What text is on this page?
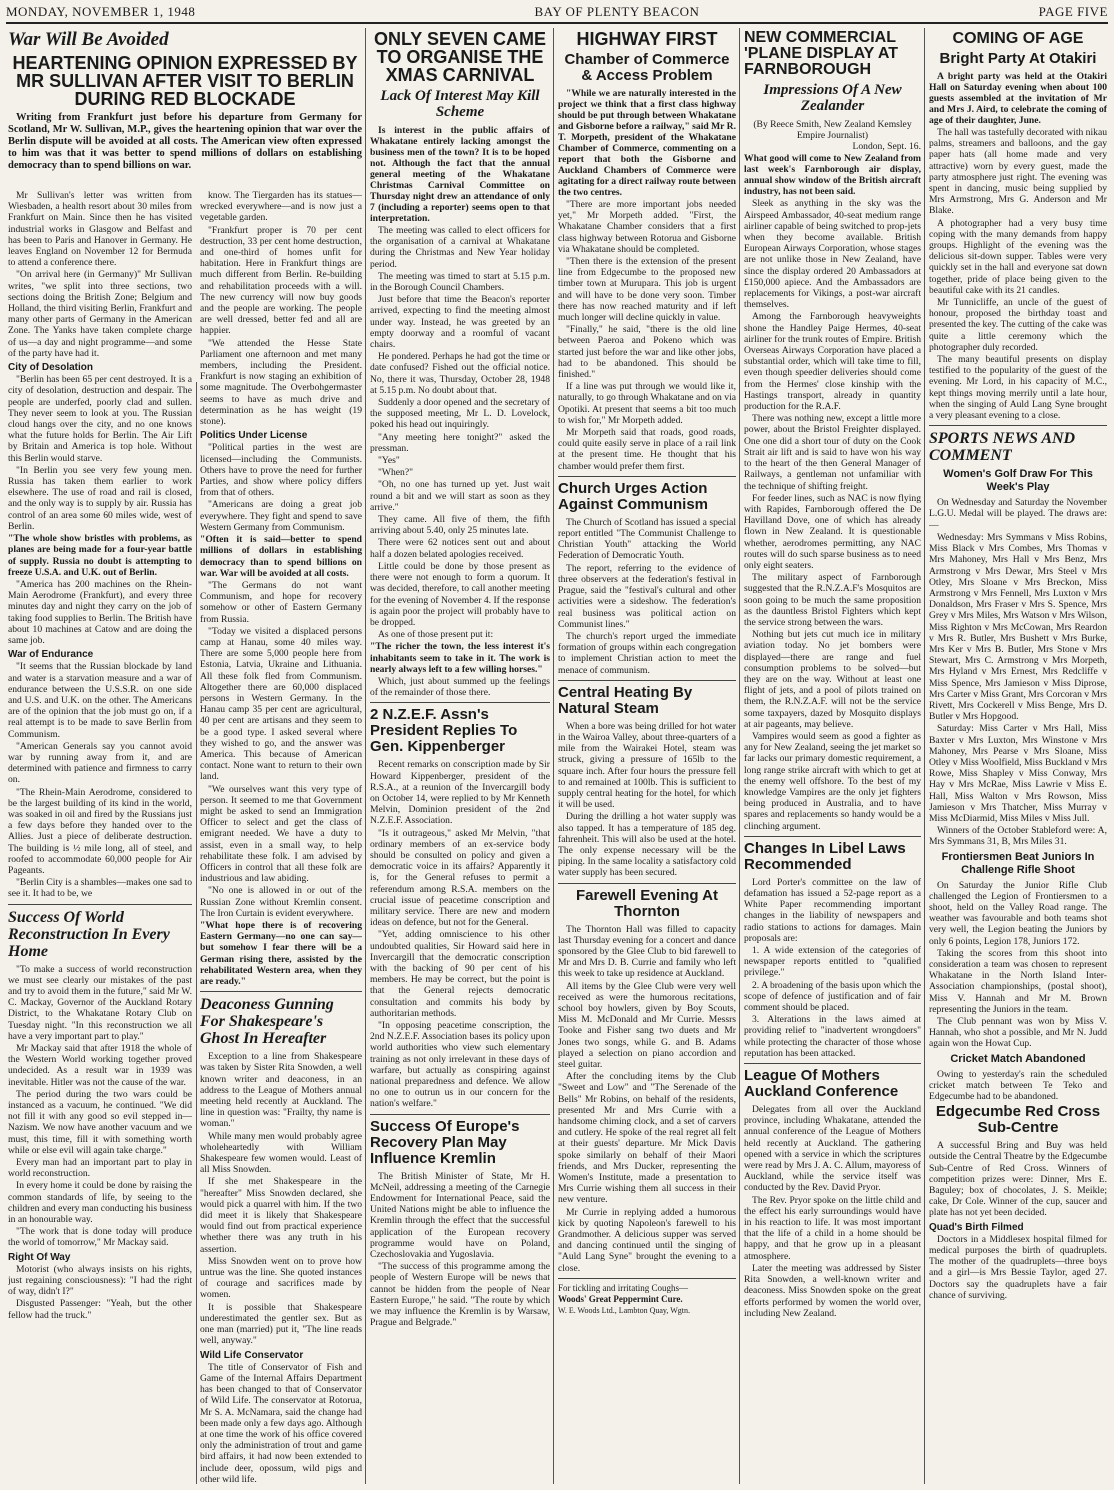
MONDAY, NOVEMBER 1, 1948	BAY OF PLENTY BEACON	PAGE FIVE
War Will Be Avoided
HEARTENING OPINION EXPRESSED BY MR SULLIVAN AFTER VISIT TO BERLIN DURING RED BLOCKADE

Writing from Frankfurt just before his departure from Germany for Scotland, Mr W. Sullivan, M.P., gives the heartening opinion that war over the Berlin dispute will be avoided at all costs. The American view often expressed to him was that it was better to spend millions of dollars on establishing democracy than to spend billions on war.

Mr Sullivan's letter was written from Wiesbaden, a health resort about 30 miles from Frankfurt on Main. Since then he has visited industrial works in Glasgow and Belfast and has been to Paris and Hanover in Germany. He leaves England on November 12 for Bermuda to attend a conference there.

"On arrival here (in Germany)" Mr Sullivan writes, "we split into three sections, two sections doing the British Zone; Belgium and Holland, the third visiting Berlin, Frankfurt and many other parts of Germany in the American Zone. The Yanks have taken complete charge of us—a day and night programme—and some of the party have had it.

City of Desolation

"Berlin has been 65 per cent destroyed. It is a city of desolation, destruction and despair. The people are underfed, poorly clad and sullen. They never seem to look at you. The Russian cloud hangs over the city, and no one knows what the future holds for Berlin. The Air Lift by Britain and America is top hole. Without this Berlin would starve.

"In Berlin you see very few young men. Russia has taken them earlier to work elsewhere. The use of road and rail is closed, and the only way is to supply by air. Russia has control of an area some 60 miles wide, west of Berlin.

"The whole show bristles with problems, as planes are being made for a four-year battle of supply. Russia no doubt is attempting to freeze U.S.A. and U.K. out of Berlin.

"America has 200 machines on the Rhein-Main Aerodrome (Frankfurt), and every three minutes day and night they carry on the job of taking food supplies to Berlin. The British have about 10 machines at Catow and are doing the same job.

War of Endurance

"It seems that the Russian blockade by land and water is a starvation measure and a war of endurance between the U.S.S.R. on one side and U.S. and U.K. on the other. The Americans are of the opinion that the job must go on, if a real attempt is to be made to save Berlin from Communism.

"American Generals say you cannot avoid war by running away from it, and are determined with patience and firmness to carry on.

"The Rhein-Main Aerodrome, considered to be the largest building of its kind in the world, was soaked in oil and fired by the Russians just a few days before they handed over to the Allies. Just a piece of deliberate destruction. The building is ½ mile long, all of steel, and roofed to accommodate 60,000 people for Air Pageants.

"Berlin City is a shambles—makes one sad to see it. It had to be, we

Success Of World Reconstruction In Every Home

"To make a success of world reconstruction we must see clearly our mistakes of the past and try to avoid them in the future," said Mr W. C. Mackay, Governor of the Auckland Rotary District, to the Whakatane Rotary Club on Tuesday night. "In this reconstruction we all have a very important part to play."

Mr Mackay said that after 1918 the whole of the Western World working together proved undecided. As a result war in 1939 was inevitable. Hitler was not the cause of the war.

The period during the two wars could be instanced as a vacuum, he continued. "We did not fill it with any good so evil stepped in—Nazism. We now have another vacuum and we must, this time, fill it with something worth while or else evil will again take charge."

Every man had an important part to play in world reconstruction.

In every home it could be done by raising the common standards of life, by seeing to the children and every man conducting his business in an honourable way.

"The work that is done today will produce the world of tomorrow," Mr Mackay said.

Right Of Way

Motorist (who always insists on his rights, just regaining consciousness): "I had the right of way, didn't I?"

Disgusted Passenger: "Yeah, but the other fellow had the truck."

know. The Tiergarden has its statues—wrecked everywhere—and is now just a vegetable garden.

"Frankfurt proper is 70 per cent destruction, 33 per cent home destruction, and one-third of homes unfit for habitation. Here in Frankfurt things are much different from Berlin. Re-building and rehabilitation proceeds with a will. The new currency will now buy goods and the people are working. The people are well dressed, better fed and all are happier.

"We attended the Hesse State Parliament one afternoon and met many members, including the President. Frankfurt is now staging an exhibition of some magnitude. The Overbohgermaster seems to have as much drive and determination as he has weight (19 stone).

Politics Under License

"Political parties in the west are licensed—including the Communists. Others have to prove the need for further Parties, and show where policy differs from that of others.

"Americans are doing a great job everywhere. They fight and spend to save Western Germany from Communism.

"Often it is said—better to spend millions of dollars in establishing democracy than to spend billions on war. War will be avoided at all costs.

"The Germans do not want Communism, and hope for recovery somehow or other of Eastern Germany from Russia.

"Today we visited a displaced persons camp at Hanau, some 40 miles way. There are some 5,000 people here from Estonia, Latvia, Ukraine and Lithuania. All these folk fled from Communism. Altogether there are 60,000 displaced persons in Western Germany. In the Hanau camp 35 per cent are agricultural, 40 per cent are artisans and they seem to be a good type. I asked several where they wished to go, and the answer was America. This because of American contact. None want to return to their own land.

"We ourselves want this very type of person. It seemed to me that Government might be asked to send an Immigration Officer to select and get the class of emigrant needed. We have a duty to assist, even in a small way, to help rehabilitate these folk. I am advised by Officers in control that all these folk are industrious and law abiding.

"No one is allowed in or out of the Russian Zone without Kremlin consent. The Iron Curtain is evident everywhere.

"What hope there is of recovering Eastern Germany—no one can say—but somehow I fear there will be a German rising there, assisted by the rehabilitated Western area, when they are ready."

Deaconess Gunning For Shakespeare's Ghost In Hereafter

Exception to a line from Shakespeare was taken by Sister Rita Snowden, a well known writer and deaconess, in an address to the League of Mothers annual meeting held recently at Auckland. The line in question was: "Frailty, thy name is woman."

While many men would probably agree wholeheartedly with William Shakespeare few women would. Least of all Miss Snowden.

If she met Shakespeare in the "hereafter" Miss Snowden declared, she would pick a quarrel with him. If the two did meet it is likely that Shakespeare would find out from practical experience whether there was any truth in his assertion.

Miss Snowden went on to prove how untrue was the line. She quoted instances of courage and sacrifices made by women.

It is possible that Shakespeare underestimated the gentler sex. But as one man (married) put it, "The line reads well, anyway."

Wild Life Conservator

The title of Conservator of Fish and Game of the Internal Affairs Department has been changed to that of Conservator of Wild Life. The conservator at Rotorua, Mr S. A. McNamara, said the change had been made only a few days ago. Although at one time the work of his office covered only the administration of trout and game bird affairs, it had now been extended to include deer, opossum, wild pigs and other wild life.

ONLY SEVEN CAME TO ORGANISE THE XMAS CARNIVAL
Lack Of Interest May Kill Scheme

Is interest in the public affairs of Whakatane entirely lacking amongst the business men of the town? It is to be hoped not. Although the fact that the annual general meeting of the Whakatane Christmas Carnival Committee on Thursday night drew an attendance of only 7 (including a reporter) seems open to that interpretation.

The meeting was called to elect officers for the organisation of a carnival at Whakatane during the Christmas and New Year holiday period.

The meeting was timed to start at 5.15 p.m. in the Borough Council Chambers.

Just before that time the Beacon's reporter arrived, expecting to find the meeting almost under way. Instead, he was greeted by an empty doorway and a roomful of vacant chairs.

He pondered. Perhaps he had got the time or date confused? Fished out the official notice. No, there it was, Thursday, October 28, 1948 at 5.15 p.m. No doubt about that.

Suddenly a door opened and the secretary of the supposed meeting, Mr L. D. Lovelock, poked his head out inquiringly.

"Any meeting here tonight?" asked the pressman.

"Yes"

"When?"

"Oh, no one has turned up yet. Just wait round a bit and we will start as soon as they arrive."

They came. All five of them, the fifth arriving about 5.40, only 25 minutes late.

There were 62 notices sent out and about half a dozen belated apologies received.

Little could be done by those present as there were not enough to form a quorum. It was decided, therefore, to call another meeting for the evening of November 4. If the response is again poor the project will probably have to be dropped.

As one of those present put it:

"The richer the town, the less interest it's inhabitants seem to take in it. The work is nearly always left to a few willing horses."

Which, just about summed up the feelings of the remainder of those there.

2 N.Z.E.F. Assn's President Replies To Gen. Kippenberger

Recent remarks on conscription made by Sir Howard Kippenberger, president of the R.S.A., at a reunion of the Invercargill body on October 14, were replied to by Mr Kenneth Melvin, Dominion president of the 2nd N.Z.E.F. Association.

"Is it outrageous," asked Mr Melvin, "that ordinary members of an ex-service body should be consulted on policy and given a democratic voice in its affairs? Apparently it is, for the General refuses to permit a referendum among R.S.A. members on the crucial issue of peacetime conscription and military service. There are new and modern ideas on defence, but not for the General.

"Yet, adding omniscience to his other undoubted qualities, Sir Howard said here in Invercargill that the democratic conscription with the backing of 90 per cent of his members. He may be correct, but the point is that the General rejects democratic consultation and commits his body by authoritarian methods.

"In opposing peacetime conscription, the 2nd N.Z.E.F. Association bases its policy upon world authorities who view such elementary training as not only irrelevant in these days of warfare, but actually as conspiring against national preparedness and defence. We allow no one to outrun us in our concern for the nation's welfare."

Success Of Europe's Recovery Plan May Influence Kremlin

The British Minister of State, Mr H. McNeil, addressing a meeting of the Carnegie Endowment for International Peace, said the United Nations might be able to influence the Kremlin through the effect that the successful application of the European recovery programme would have on Poland, Czechoslovakia and Yugoslavia.

"The success of this programme among the people of Western Europe will be news that cannot be hidden from the people of Near Eastern Europe," he said. "The route by which we may influence the Kremlin is by Warsaw, Prague and Belgrade."

HIGHWAY FIRST
Chamber of Commerce & Access Problem

"While we are naturally interested in the project we think that a first class highway should be put through between Whakatane and Gisborne before a railway," said Mr R. T. Morpeth, president of the Whakatane Chamber of Commerce, commenting on a report that both the Gisborne and Auckland Chambers of Commerce were agitating for a direct railway route between the two centres.

"There are more important jobs needed yet," Mr Morpeth added. "First, the Whakatane Chamber considers that a first class highway between Rotorua and Gisborne via Whakatane should be completed.

"Then there is the extension of the present line from Edgecumbe to the proposed new timber town at Murupara. This job is urgent and will have to be done very soon. Timber there has now reached maturity and if left much longer will decline quickly in value.

"Finally," he said, "there is the old line between Paeroa and Pokeno which was started just before the war and like other jobs, had to be abandoned. This should be finished."

If a line was put through we would like it, naturally, to go through Whakatane and on via Opotiki. At present that seems a bit too much to wish for," Mr Morpeth added.

Mr Morpeth said that roads, good roads, could quite easily serve in place of a rail link at the present time. He thought that his chamber would prefer them first.

Church Urges Action Against Communism

The Church of Scotland has issued a special report entitled "The Communist Challenge to Christian Youth" attacking the World Federation of Democratic Youth.

The report, referring to the evidence of three observers at the federation's festival in Prague, said the "festival's cultural and other activities were a sideshow. The federation's real business was political action on Communist lines."

The church's report urged the immediate formation of groups within each congregation to implement Christian action to meet the menace of communism.

Central Heating By Natural Steam

When a bore was being drilled for hot water in the Wairoa Valley, about three-quarters of a mile from the Wairakei Hotel, steam was struck, giving a pressure of 165lb to the square inch. After four hours the pressure fell to and remained at 100lb. This is sufficient to supply central heating for the hotel, for which it will be used.

During the drilling a hot water supply was also tapped. It has a temperature of 185 deg. fahrenheit. This will also be used at the hotel. The only expense necessary will be the piping. In the same locality a satisfactory cold water supply has been secured.

Farewell Evening At Thornton

The Thornton Hall was filled to capacity last Thursday evening for a concert and dance sponsored by the Glee Club to bid farewell to Mr and Mrs D. B. Currie and family who left this week to take up residence at Auckland.

All items by the Glee Club were very well received as were the humorous recitations, school boy howlers, given by Boy Scouts, Miss M. McDonald and Mr Currie. Messrs Tooke and Fisher sang two duets and Mr Jones two songs, while G. and B. Adams played a selection on piano accordion and steel guitar.

After the concluding items by the Club "Sweet and Low" and "The Serenade of the Bells" Mr Robins, on behalf of the residents, presented Mr and Mrs Currie with a handsome chiming clock, and a set of carvers and cutlery. He spoke of the real regret all felt at their guests' departure. Mr Mick Davis spoke similarly on behalf of their Maori friends, and Mrs Ducker, representing the Women's Institute, made a presentation to Mrs Currie wishing them all success in their new venture.

Mr Currie in replying added a humorous kick by quoting Napoleon's farewell to his Grandmother. A delicious supper was served and dancing continued until the singing of "Auld Lang Syne" brought the evening to a close.

For tickling and irritating Coughs—
Woods' Great Peppermint Cure.
W. E. Woods Ltd., Lambton Quay, Wgtn.
NEW COMMERCIAL 'PLANE DISPLAY AT FARNBOROUGH
Impressions Of A New Zealander
(By Reece Smith, New Zealand Kemsley Empire Journalist)
London, Sept. 16.

What good will come to New Zealand from last week's Farnborough air display, annual show window of the British aircraft industry, has not been said.

Sleek as anything in the sky was the Airspeed Ambassador, 40-seat medium range airliner capable of being switched to prop-jets when they become available. British European Airways Corporation, whose stages are not unlike those in New Zealand, have since the display ordered 20 Ambassadors at £150,000 apiece. And the Ambassadors are replacements for Vikings, a post-war aircraft themselves.

Among the Farnborough heavyweights shone the Handley Paige Hermes, 40-seat airliner for the trunk routes of Empire. British Overseas Airways Corporation have placed a substantial order, which will take time to fill, even though speedier deliveries should come from the Hermes' close kinship with the Hastings transport, already in quantity production for the R.A.F.

There was nothing new, except a little more power, about the Bristol Freighter displayed. One one did a short tour of duty on the Cook Strait air lift and is said to have won his way to the heart of the then General Manager of Railways, a gentleman not unfamiliar with the technique of shifting freight.

For feeder lines, such as NAC is now flying with Rapides, Farnborough offered the De Havilland Dove, one of which has already flown in New Zealand. It is questionable whether, aerodromes permitting, any NAC routes will do such sparse business as to need only eight seaters.

The military aspect of Farnborough suggested that the R.N.Z.A.F's Mosquitos are soon going to be much the same proposition as the dauntless Bristol Fighters which kept the service strong between the wars.

Nothing but jets cut much ice in military aviation today. No jet bombers were displayed—there are range and fuel consumption problems to be solved—but they are on the way. Without at least one flight of jets, and a pool of pilots trained on them, the R.N.Z.A.F. will not be the service some taxpayers, dazed by Mosquito displays at air pageants, may believe.

Vampires would seem as good a fighter as any for New Zealand, seeing the jet market so far lacks our primary domestic requirement, a long range strike aircraft with which to get at the enemy well offshore. To the best of my knowledge Vampires are the only jet fighters being produced in Australia, and to have spares and replacements so handy would be a clinching argument.

Changes In Libel Laws Recommended

Lord Porter's committee on the law of defamation has issued a 52-page report as a White Paper recommending important changes in the liability of newspapers and radio stations to actions for damages. Main proposals are:

1. A wide extension of the categories of newspaper reports entitled to "qualified privilege."

2. A broadening of the basis upon which the scope of defence of justification and of fair comment should be placed.

3. Alterations in the laws aimed at providing relief to "inadvertent wrongdoers" while protecting the character of those whose reputation has been attacked.

League Of Mothers Auckland Conference

Delegates from all over the Auckland province, including Whakatane, attended the annual conference of the League of Mothers held recently at Auckland. The gathering opened with a service in which the scriptures were read by Mrs J. A. C. Allum, mayoress of Auckland, while the service itself was conducted by the Rev. David Pryor.

The Rev. Pryor spoke on the little child and the effect his early surroundings would have in his reaction to life. It was most important that the life of a child in a home should be happy, and that he grow up in a pleasant atmosphere.

Later the meeting was addressed by Sister Rita Snowden, a well-known writer and deaconess. Miss Snowden spoke on the great efforts performed by women the world over, including New Zealand.

COMING OF AGE
Bright Party At Otakiri

A bright party was held at the Otakiri Hall on Saturday evening when about 100 guests assembled at the invitation of Mr and Mrs J. Aird, to celebrate the coming of age of their daughter, June.

The hall was tastefully decorated with nikau palms, streamers and balloons, and the gay paper hats (all home made and very attractive) worn by every guest, made the party atmosphere just right. The evening was spent in dancing, music being supplied by Mrs Armstrong, Mrs G. Anderson and Mr Blake.

A photographer had a very busy time coping with the many demands from happy groups. Highlight of the evening was the delicious sit-down supper. Tables were very quickly set in the hall and everyone sat down together, pride of place being given to the beautiful cake with its 21 candles.

Mr Tunnicliffe, an uncle of the guest of honour, proposed the birthday toast and presented the key. The cutting of the cake was quite a little ceremony which the photographer duly recorded.

The many beautiful presents on display testified to the popularity of the guest of the evening. Mr Lord, in his capacity of M.C., kept things moving merrily until a late hour, when the singing of Auld Lang Syne brought a very pleasant evening to a close.

SPORTS NEWS AND COMMENT
Women's Golf Draw For This Week's Play

On Wednesday and Saturday the November L.G.U. Medal will be played. The draws are:—

Wednesday: Mrs Symmans v Miss Robins, Miss Black v Mrs Combes, Mrs Thomas v Mrs Mahoney, Mrs Hall v Mrs Benz, Mrs Armstrong v Mrs Dewar, Mrs Steel v Mrs Otley, Mrs Sloane v Mrs Breckon, Miss Armstrong v Mrs Fennell, Mrs Luxton v Mrs Donaldson, Mrs Fraser v Mrs S. Spence, Mrs Grey v Mrs Miles, Mrs Watson v Mrs Wilson, Miss Righton v Mrs McCowan, Mrs Reardon v Mrs R. Butler, Mrs Bushett v Mrs Burke, Mrs Ker v Mrs B. Butler, Mrs Stone v Mrs Stewart, Mrs C. Armstrong v Mrs Morpeth, Mrs Hyland v Mrs Ernest, Mrs Redcliffe v Miss Spence, Mrs Jamieson v Miss Diprose, Mrs Carter v Miss Grant, Mrs Corcoran v Mrs Rivett, Mrs Cockerell v Miss Benge, Mrs D. Butler v Mrs Hopgood.

Saturday: Miss Carter v Mrs Hall, Miss Baxter v Mrs Luxton, Mrs Winstone v Mrs Mahoney, Mrs Pearse v Mrs Sloane, Miss Otley v Miss Woolfield, Miss Buckland v Mrs Rowe, Miss Shapley v Miss Conway, Mrs Hay v Mrs McRae, Miss Lawrie v Miss E. Hall, Miss Walton v Mrs Rowson, Miss Jamieson v Mrs Thatcher, Miss Murray v Miss McDiarmid, Miss Miles v Miss Jull.

Winners of the October Stableford were: A, Mrs Symmans 31, B, Mrs Miles 31.

Frontiersmen Beat Juniors In Challenge Rifle Shoot

On Saturday the Junior Rifle Club challenged the Legion of Frontiersmen to a shoot, held on the Valley Road range. The weather was favourable and both teams shot very well, the Legion beating the Juniors by only 6 points, Legion 178, Juniors 172.

Taking the scores from this shoot into consideration a team was chosen to represent Whakatane in the North Island Inter-Association championships, (postal shoot), Miss V. Hannah and Mr M. Brown representing the Juniors in the team.

The Club pennant was won by Miss V. Hannah, who shot a possible, and Mr N. Judd again won the Howat Cup.

Cricket Match Abandoned

Owing to yesterday's rain the scheduled cricket match between Te Teko and Edgecumbe had to be abandoned.

Edgecumbe Red Cross Sub-Centre

A successful Bring and Buy was held outside the Central Theatre by the Edgecumbe Sub-Centre of Red Cross. Winners of competition prizes were: Dinner, Mrs E. Baguley; box of chocolates, J. S. Meikle; cake, Dr Cole. Winner of the cup, saucer and plate has not yet been decided.

Quad's Birth Filmed

Doctors in a Middlesex hospital filmed for medical purposes the birth of quadruplets. The mother of the quadruplets—three boys and a girl—is Mrs Bessie Taylor, aged 27. Doctors say the quadruplets have a fair chance of surviving.
